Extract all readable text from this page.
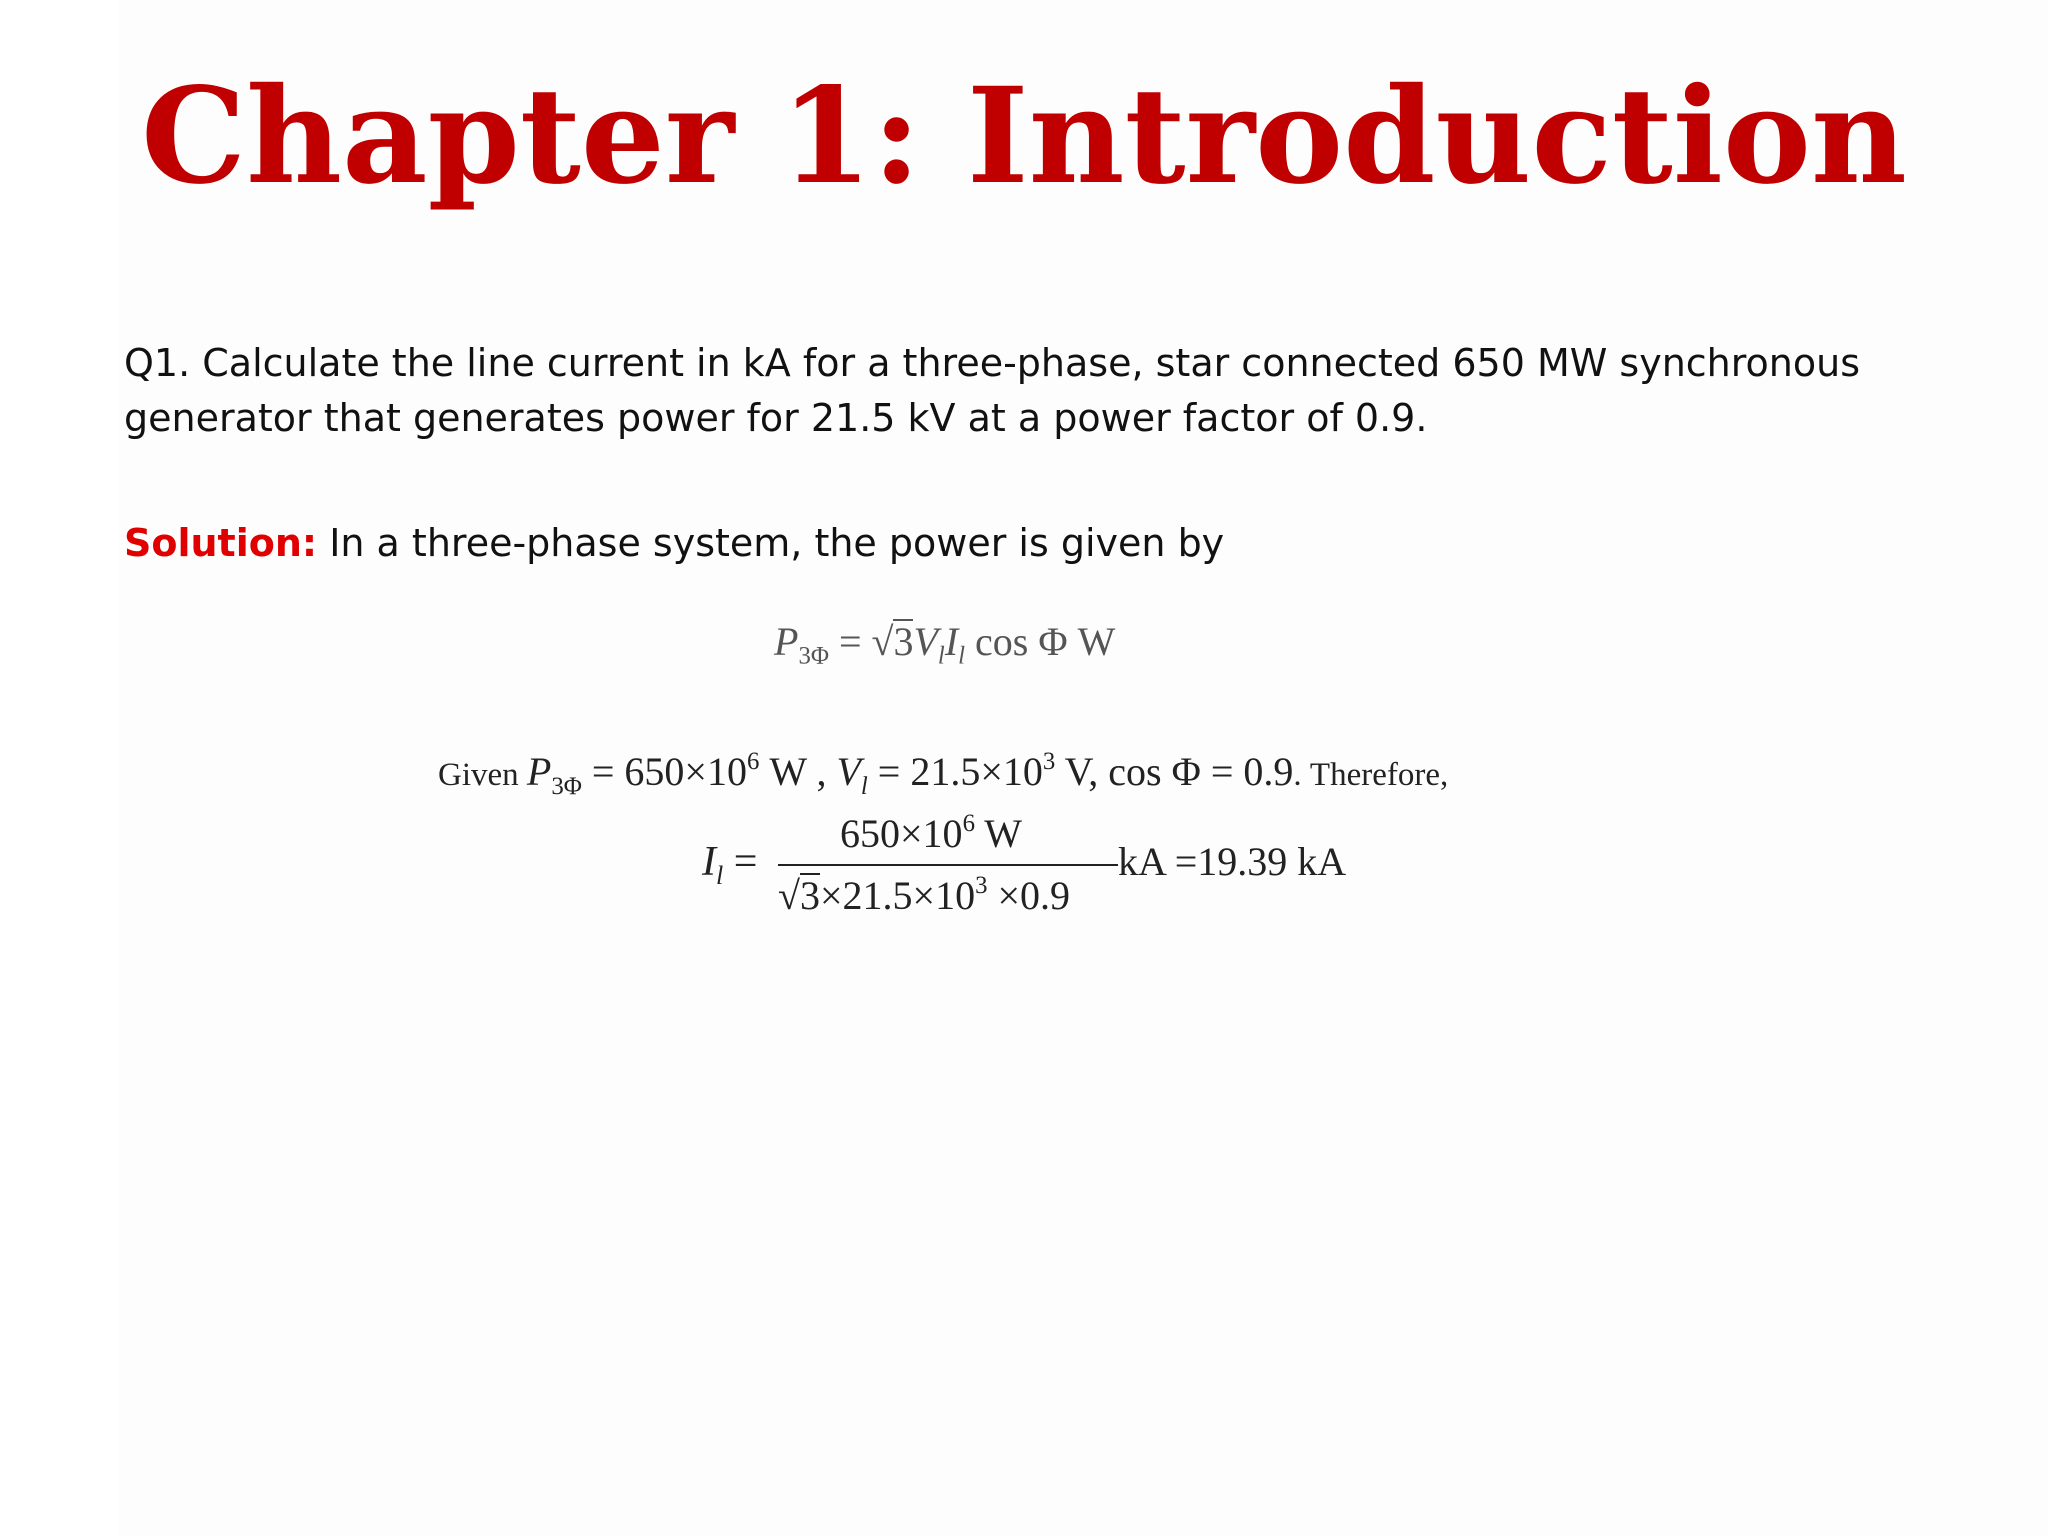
Chapter 1: Introduction
Q1. Calculate the line current in kA for a three-phase, star connected 650 MW synchronous generator that generates power for 21.5 kV at a power factor of 0.9.
Solution: In a three-phase system, the power is given by
$P_{3\Phi} = √3V_lI_l$ cos Φ W
Given $P_{3\Phi} = 650\times 10^6$ W , $V_l = 21.5\times 10^3$ V, cos Φ = 0.9. Therefore,
$I_l$ =
$650\times 10^6$ W
$√3\times 21.5\times 10^3 \times 0.9$
kA =19.39 kA
